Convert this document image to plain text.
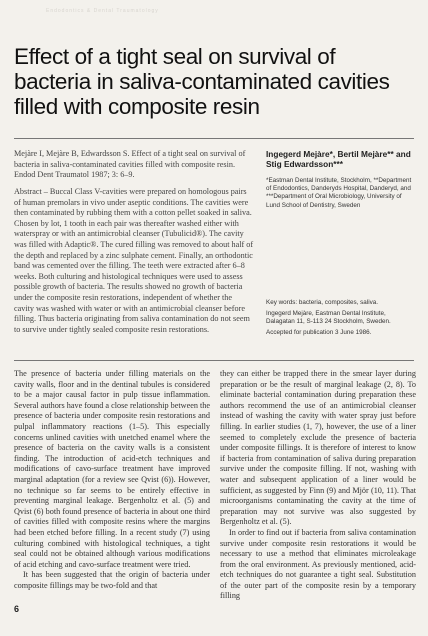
Endodontics & Dental Traumatology
Effect of a tight seal on survival of bacteria in saliva-contaminated cavities filled with composite resin

Mejàre I, Mejàre B, Edwardsson S. Effect of a tight seal on survival of bacteria in saliva-contaminated cavities filled with composite resin. Endod Dent Traumatol 1987; 3: 6–9.

Abstract – Buccal Class V-cavities were prepared on homologous pairs of human premolars in vivo under aseptic conditions. The cavities were then contaminated by rubbing them with a cotton pellet soaked in saliva. Chosen by lot, 1 tooth in each pair was thereafter washed either with waterspray or with an antimicrobial cleanser (Tubulicid®). The cavity was filled with Adaptic®. The cured filling was removed to about half of the depth and replaced by a zinc sulphate cement. Finally, an orthodontic band was cemented over the filling. The teeth were extracted after 6–8 weeks. Both culturing and histological techniques were used to assess possible growth of bacteria. The results showed no growth of bacteria under the composite resin restorations, independent of whether the cavity was washed with water or with an antimicrobial cleanser before filling. Thus bacteria originating from saliva contamination do not seem to survive under tightly sealed composite resin restorations.

Ingegerd Mejàre*, Bertil Mejàre** and Stig Edwardsson***

*Eastman Dental Institute, Stockholm, **Department of Endodontics, Danderyds Hospital, Danderyd, and ***Department of Oral Microbiology, University of Lund School of Dentistry, Sweden

Key words: bacteria, composites, saliva.

Ingegerd Mejàre, Eastman Dental Institute, Dalagatan 11, S-113 24 Stockholm, Sweden.

Accepted for publication 3 June 1986.

The presence of bacteria under filling materials on the cavity walls, floor and in the dentinal tubules is considered to be a major causal factor in pulp tissue inflammation. Several authors have found a close relationship between the presence of bacteria under composite resin restorations and pulpal inflammatory reactions (1–5). This especially concerns unlined cavities with unetched enamel where the presence of bacteria on the cavity walls is a consistent finding. The introduction of acid-etch techniques and modifications of cavo-surface treatment have improved marginal adaptation (for a review see Qvist (6)). However, no technique so far seems to be entirely effective in preventing marginal leakage. Bergenholtz et al. (5) and Qvist (6) both found presence of bacteria in about one third of cavities filled with composite resins where the margins had been etched before filling. In a recent study (7) using culturing combined with histological techniques, a tight seal could not be obtained although various modifications of acid etching and cavo-surface treatment were tried.

It has been suggested that the origin of bacteria under composite fillings may be two-fold and that

they can either be trapped there in the smear layer during preparation or be the result of marginal leakage (2, 8). To eliminate bacterial contamination during preparation these authors recommend the use of an antimicrobial cleanser instead of washing the cavity with water spray just before filling. In earlier studies (1, 7), however, the use of a liner seemed to completely exclude the presence of bacteria under composite fillings. It is therefore of interest to know if bacteria from contamination of saliva during preparation survive under the composite filling. If not, washing with water and subsequent application of a liner would be sufficient, as suggested by Finn (9) and Mjör (10, 11). That microorganisms contaminating the cavity at the time of preparation may not survive was also suggested by Bergenholtz et al. (5).

In order to find out if bacteria from saliva contamination survive under composite resin restorations it would be necessary to use a method that eliminates microleakage from the oral environment. As previously mentioned, acid-etch techniques do not guarantee a tight seal. Substitution of the outer part of the composite resin by a temporary filling

6
